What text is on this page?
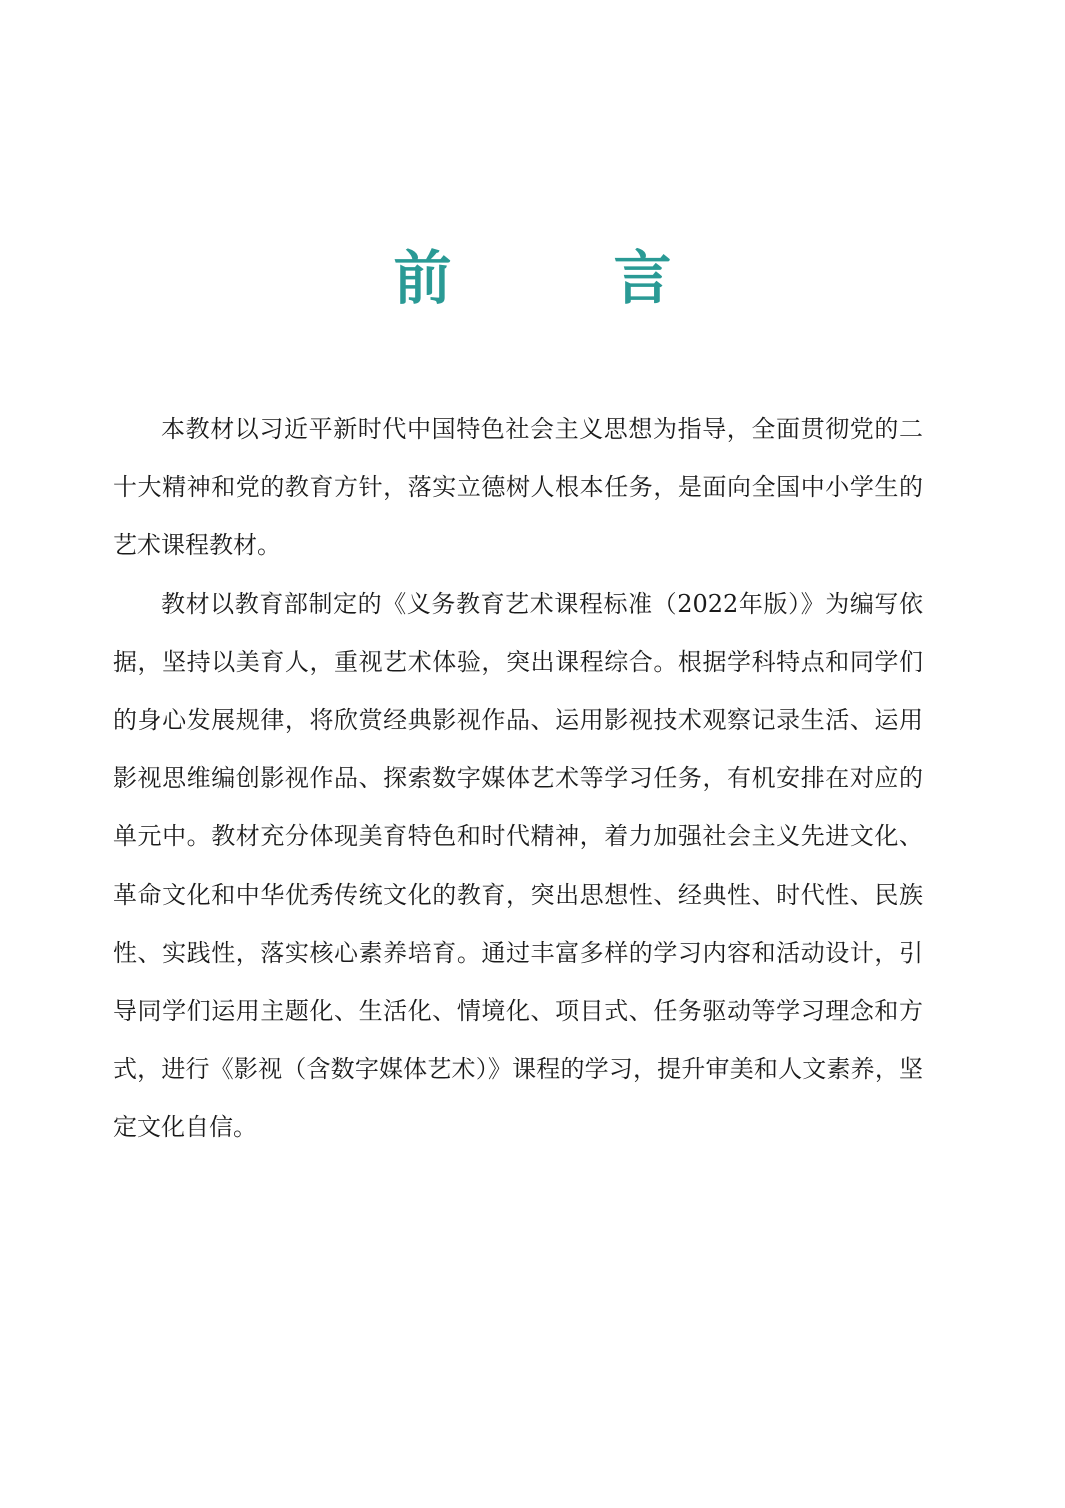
前　言

本教材以习近平新时代中国特色社会主义思想为指导，全面贯彻党的二十大精神和党的教育方针，落实立德树人根本任务，是面向全国中小学生的艺术课程教材。

教材以教育部制定的《义务教育艺术课程标准（2022年版）》为编写依据，坚持以美育人，重视艺术体验，突出课程综合。根据学科特点和同学们的身心发展规律，将欣赏经典影视作品、运用影视技术观察记录生活、运用影视思维编创影视作品、探索数字媒体艺术等学习任务，有机安排在对应的单元中。教材充分体现美育特色和时代精神，着力加强社会主义先进文化、革命文化和中华优秀传统文化的教育，突出思想性、经典性、时代性、民族性、实践性，落实核心素养培育。通过丰富多样的学习内容和活动设计，引导同学们运用主题化、生活化、情境化、项目式、任务驱动等学习理念和方式，进行《影视（含数字媒体艺术）》课程的学习，提升审美和人文素养，坚定文化自信。
